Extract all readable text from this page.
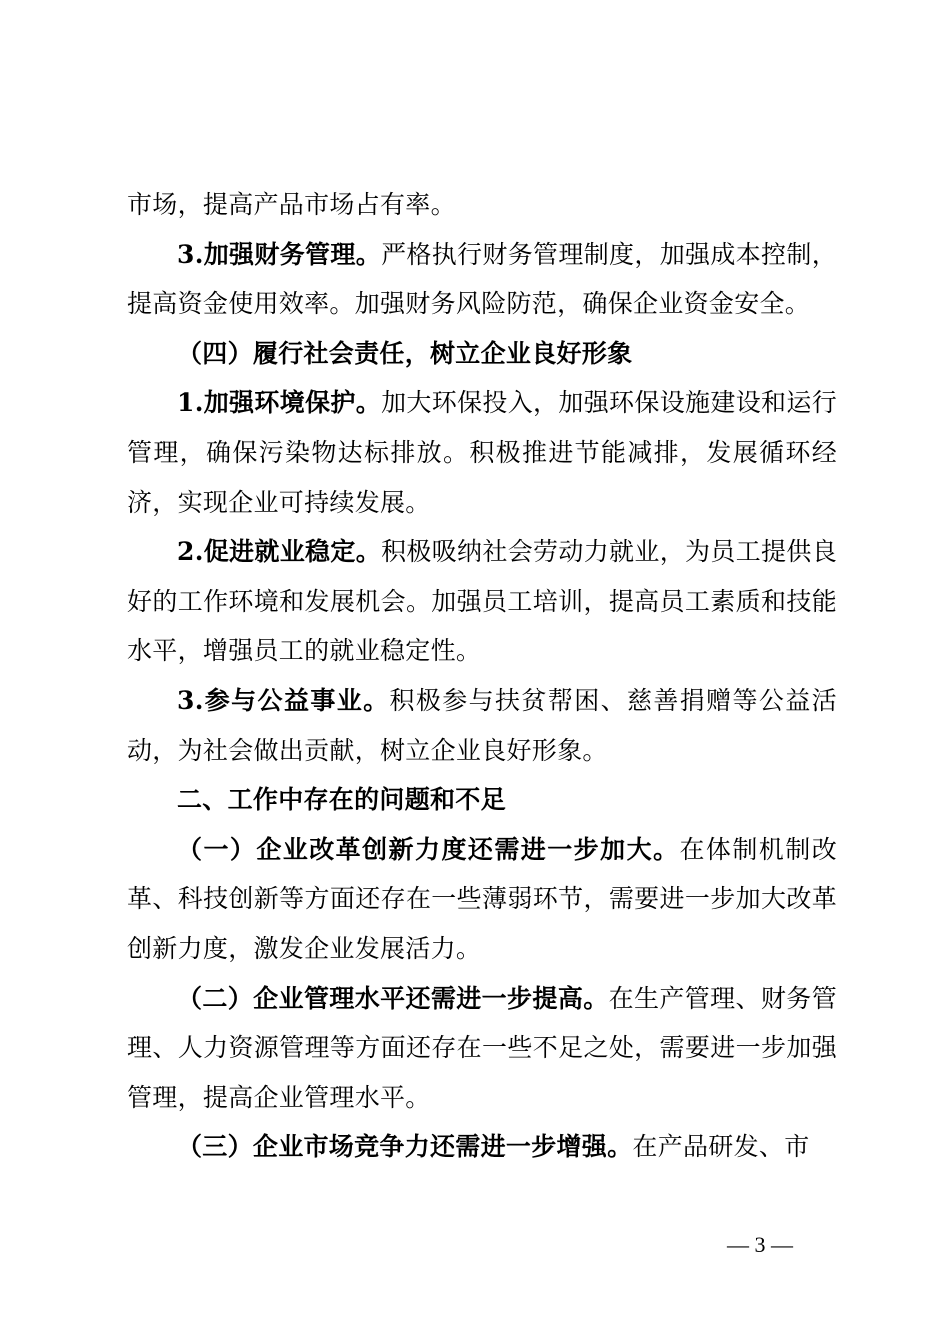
市场，提高产品市场占有率。

3.加强财务管理。严格执行财务管理制度，加强成本控制，提高资金使用效率。加强财务风险防范，确保企业资金安全。

（四）履行社会责任，树立企业良好形象

1.加强环境保护。加大环保投入，加强环保设施建设和运行管理，确保污染物达标排放。积极推进节能减排，发展循环经济，实现企业可持续发展。

2.促进就业稳定。积极吸纳社会劳动力就业，为员工提供良好的工作环境和发展机会。加强员工培训，提高员工素质和技能水平，增强员工的就业稳定性。

3.参与公益事业。积极参与扶贫帮困、慈善捐赠等公益活动，为社会做出贡献，树立企业良好形象。

二、工作中存在的问题和不足

（一）企业改革创新力度还需进一步加大。在体制机制改革、科技创新等方面还存在一些薄弱环节，需要进一步加大改革创新力度，激发企业发展活力。

（二）企业管理水平还需进一步提高。在生产管理、财务管理、人力资源管理等方面还存在一些不足之处，需要进一步加强管理，提高企业管理水平。

（三）企业市场竞争力还需进一步增强。在产品研发、市

— 3 —
